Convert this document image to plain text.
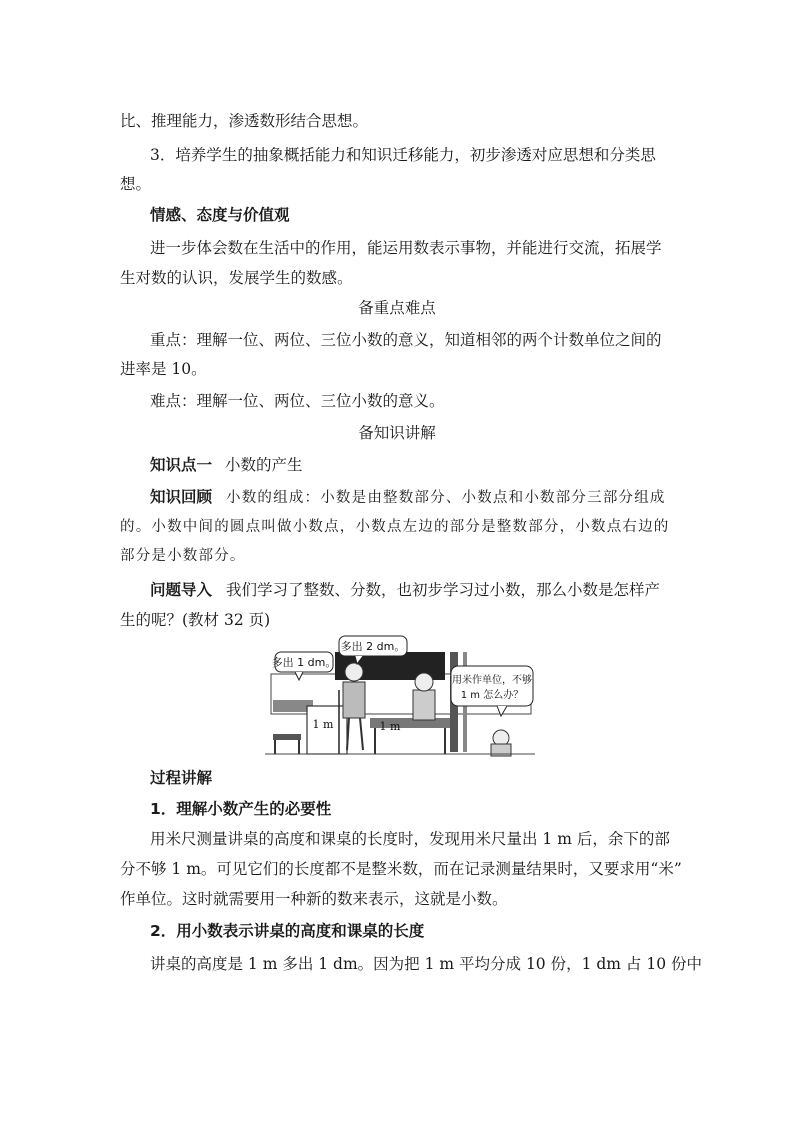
比、推理能力，渗透数形结合思想。
3．培养学生的抽象概括能力和知识迁移能力，初步渗透对应思想和分类思
想。
情感、态度与价值观
进一步体会数在生活中的作用，能运用数表示事物，并能进行交流，拓展学
生对数的认识，发展学生的数感。
备重点难点
重点：理解一位、两位、三位小数的意义，知道相邻的两个计数单位之间的
进率是 10。
难点：理解一位、两位、三位小数的意义。
备知识讲解
知识点一 小数的产生
知识回顾 小数的组成：小数是由整数部分、小数点和小数部分三部分组成
的。小数中间的圆点叫做小数点，小数点左边的部分是整数部分，小数点右边的
部分是小数部分。
问题导入 我们学习了整数、分数，也初步学习过小数，那么小数是怎样产
生的呢？(教材 32 页)
多出 1 dm。
多出 2 dm。
用米作单位，不够
1 m 怎么办？
1 m	1 m
过程讲解
1．理解小数产生的必要性
用米尺测量讲桌的高度和课桌的长度时，发现用米尺量出 1 m 后，余下的部
分不够 1 m。可见它们的长度都不是整米数，而在记录测量结果时，又要求用“米”
作单位。这时就需要用一种新的数来表示，这就是小数。
2．用小数表示讲桌的高度和课桌的长度
讲桌的高度是 1 m 多出 1 dm。因为把 1 m 平均分成 10 份，1 dm 占 10 份中
